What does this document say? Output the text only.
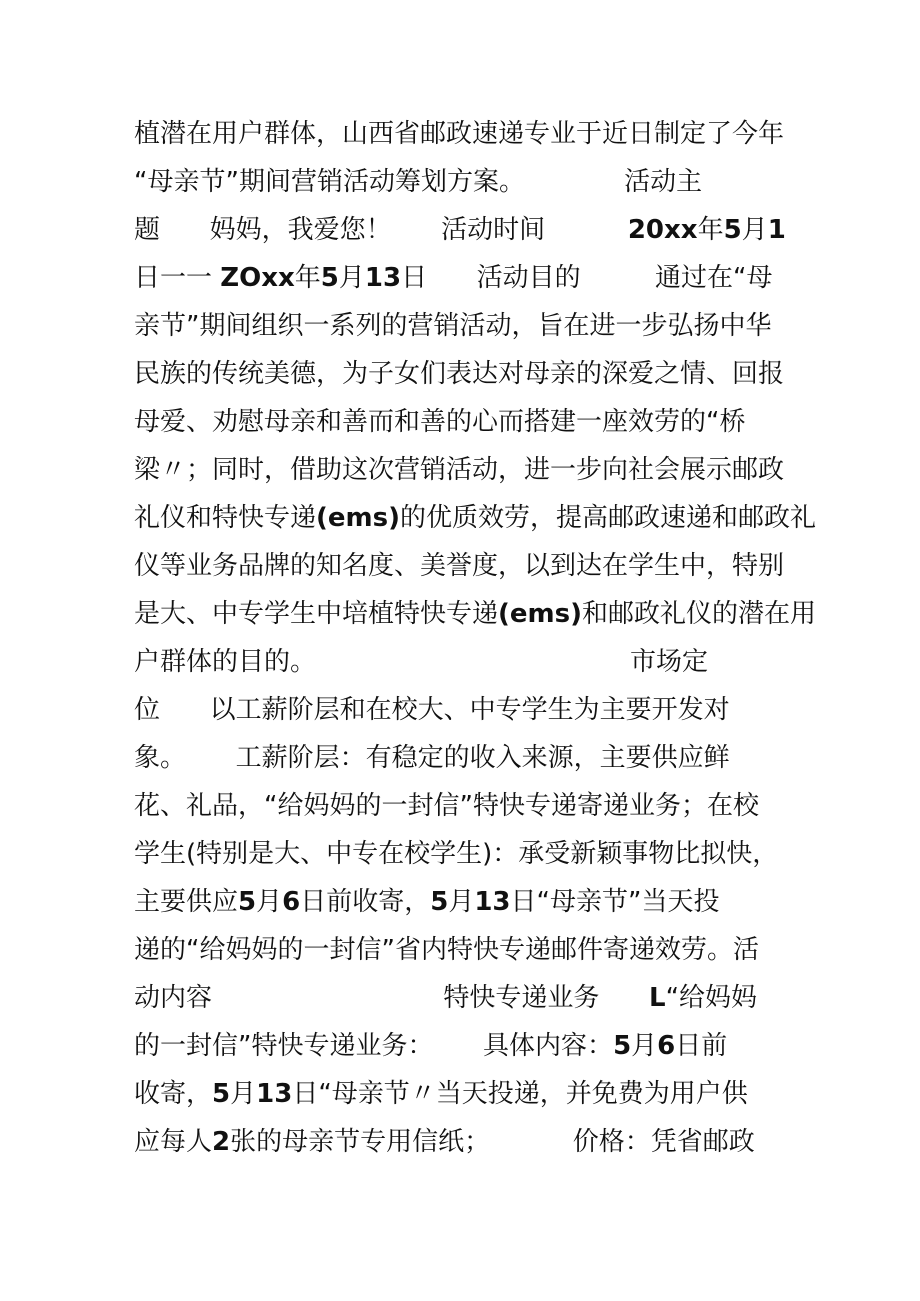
植潜在用户群体，山西省邮政速递专业于近日制定了今年
“母亲节”期间营销活动筹划方案。            活动主
题      妈妈，我爱您！      活动时间          20xx年5月1
日一一 ZOxx年5月13日      活动目的         通过在“母
亲节”期间组织一系列的营销活动，旨在进一步弘扬中华
民族的传统美德，为子女们表达对母亲的深爱之情、回报
母爱、劝慰母亲和善而和善的心而搭建一座效劳的“桥
梁〃；同时，借助这次营销活动，进一步向社会展示邮政
礼仪和特快专递(ems)的优质效劳，提高邮政速递和邮政礼
仪等业务品牌的知名度、美誉度，以到达在学生中，特别
是大、中专学生中培植特快专递(ems)和邮政礼仪的潜在用
户群体的目的。                                      市场定
位      以工薪阶层和在校大、中专学生为主要开发对
象。      工薪阶层：有稳定的收入来源，主要供应鲜
花、礼品，“给妈妈的一封信”特快专递寄递业务；在校
学生(特别是大、中专在校学生)：承受新颖事物比拟快，
主要供应5月6日前收寄，5月13日“母亲节”当天投
递的“给妈妈的一封信”省内特快专递邮件寄递效劳。活
动内容                            特快专递业务      L“给妈妈
的一封信”特快专递业务：      具体内容：5月6日前
收寄，5月13日“母亲节〃当天投递，并免费为用户供
应每人2张的母亲节专用信纸；          价格：凭省邮政
